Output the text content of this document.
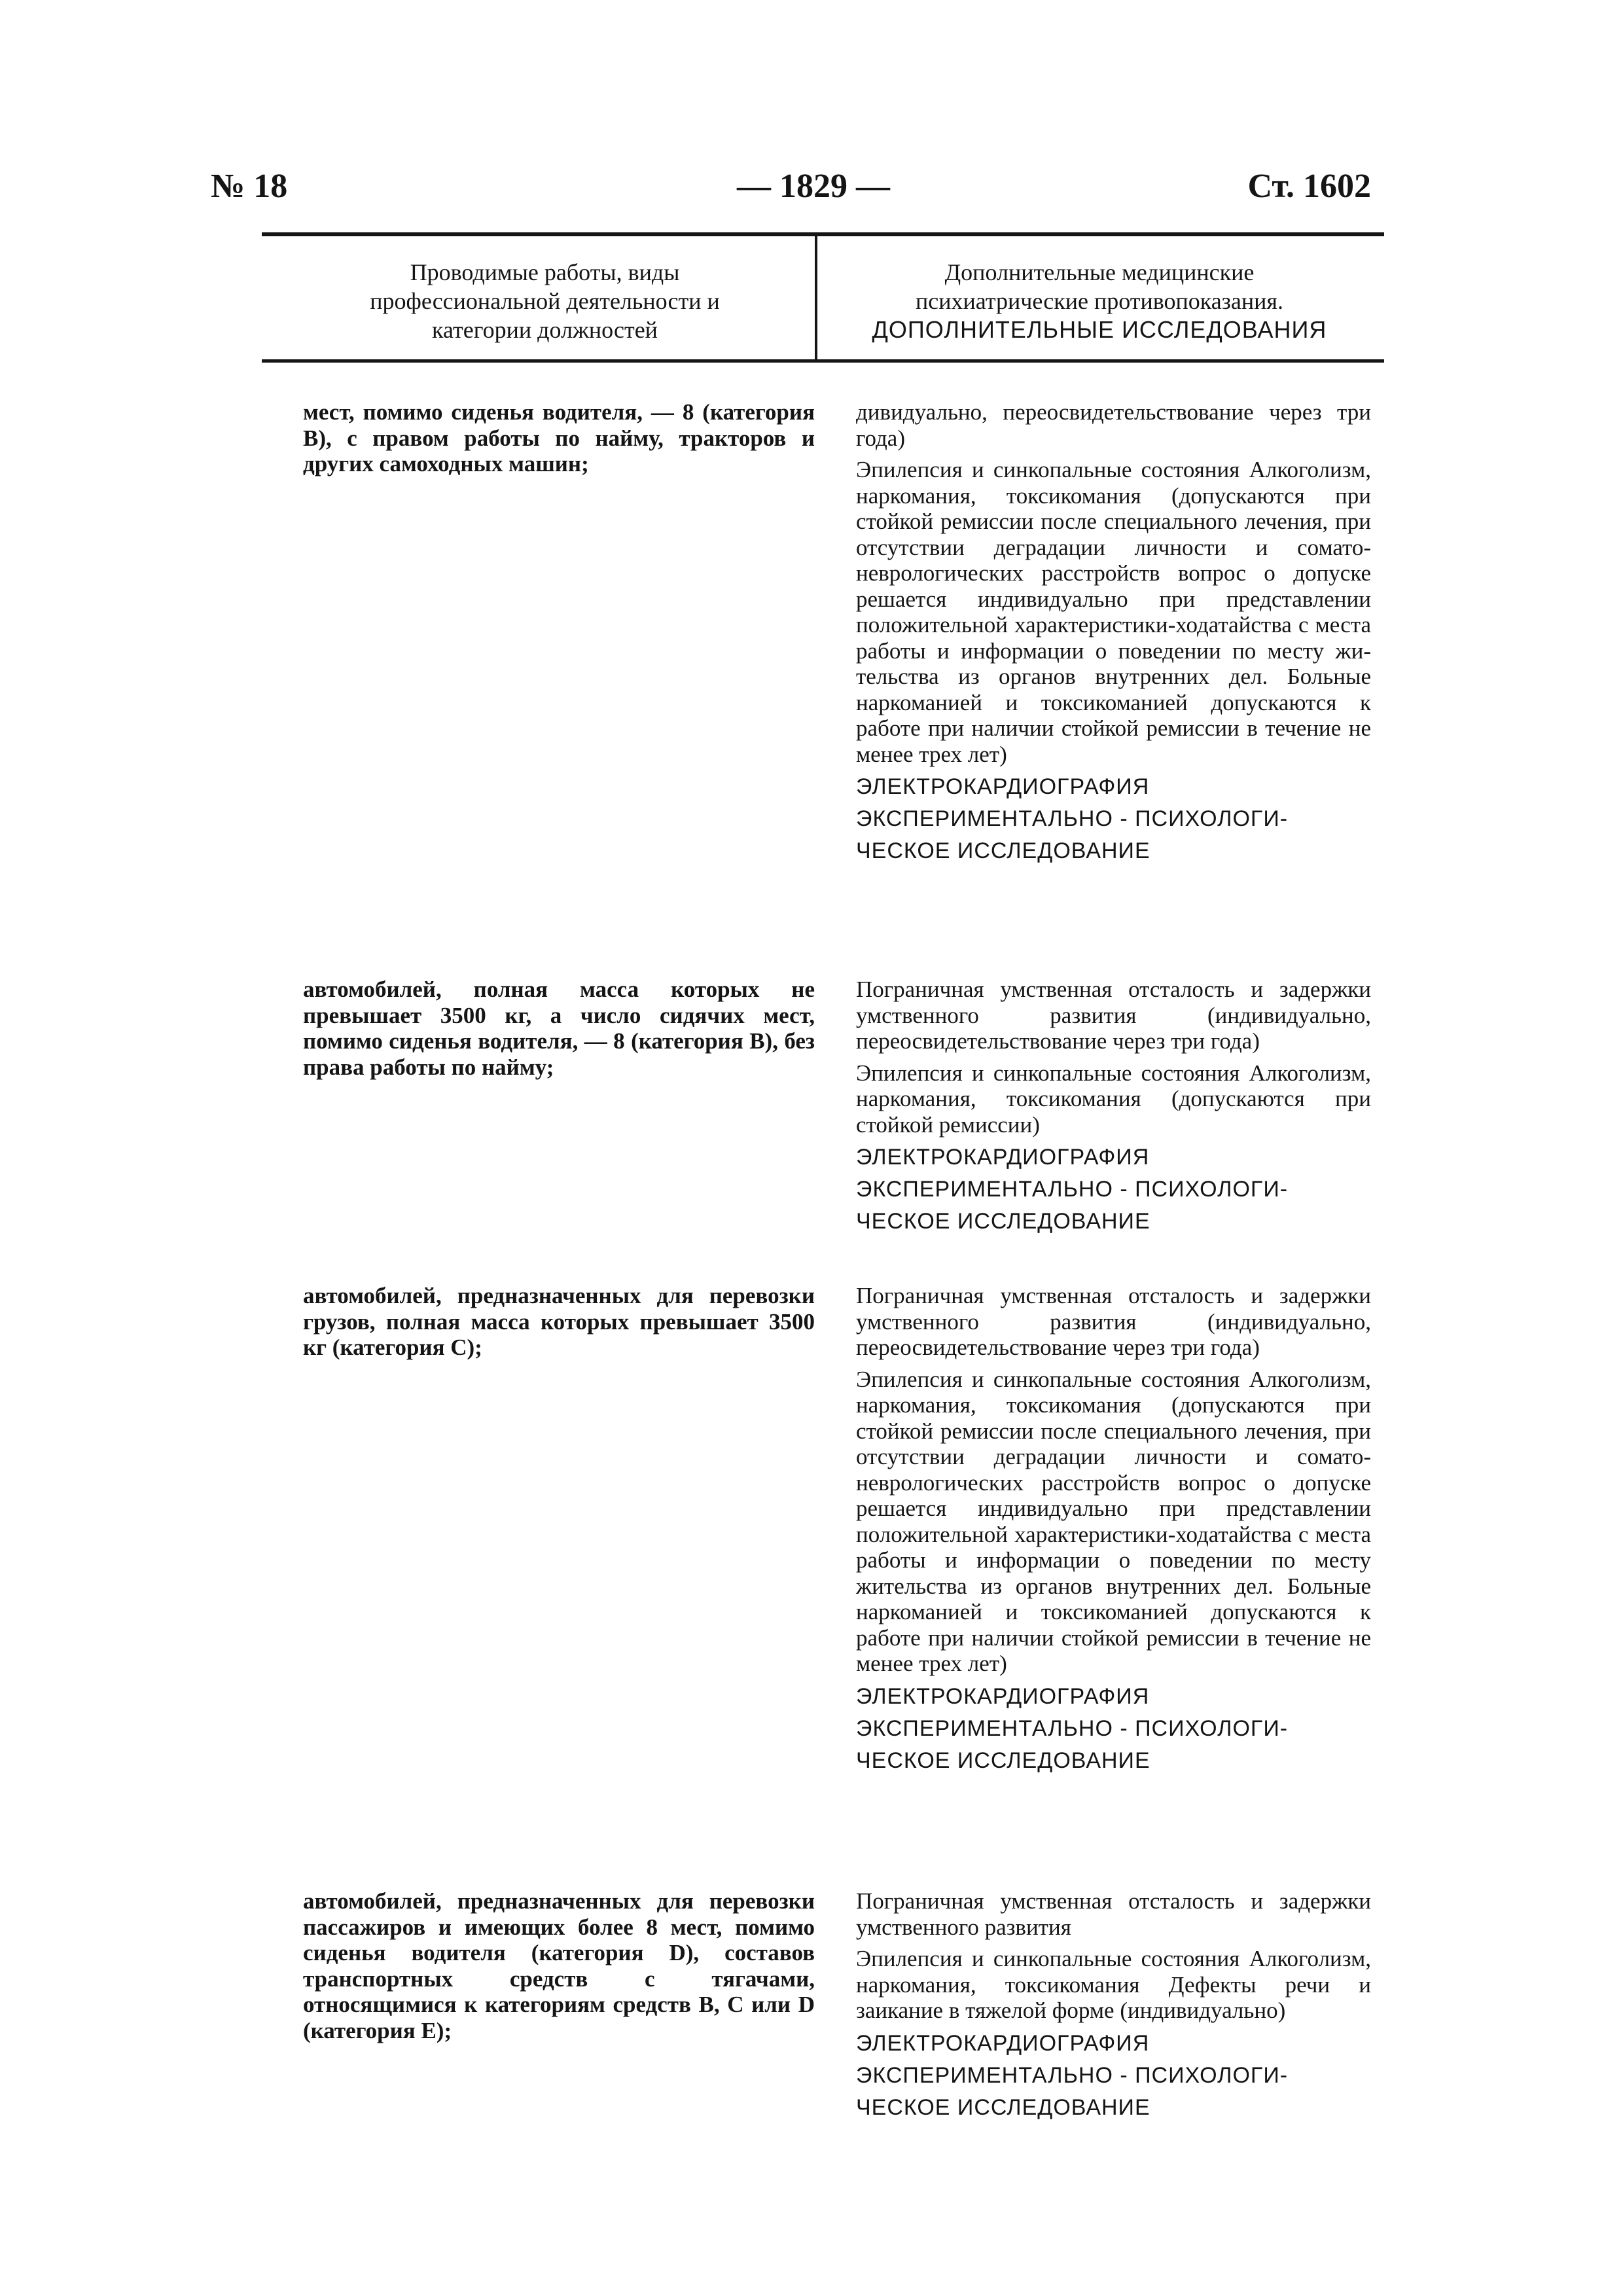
№ 18	— 1829 —	Ст. 1602
Проводимые работы, виды
профессиональной деятельности и
категории должностей
Дополнительные медицинские
психиатрические противопоказания.
ДОПОЛНИТЕЛЬНЫЕ ИССЛЕДОВАНИЯ
мест, помимо сиденья водителя, — 8 (категория В), с правом работы по найму, тракторов и других самоходных машин;
дивидуально, переосвидетельствование через три года)
Эпилепсия и синкопальные состояния Алкоголизм, наркомания, токсикомания (допускаются при стойкой ремиссии после специального лечения, при отсутствии деградации личности и соматоневрологических расстройств вопрос о допуске решается индивидуально при представлении положительной характеристики-ходатайства с места работы и информации о поведении по месту жительства из органов внутренних дел. Больные наркоманией и токсикоманией допускаются к работе при наличии стойкой ремиссии в течение не менее трех лет)
ЭЛЕКТРОКАРДИОГРАФИЯ
ЭКСПЕРИМЕНТАЛЬНО - ПСИХОЛОГИ-
ЧЕСКОЕ ИССЛЕДОВАНИЕ
автомобилей, полная масса которых не превышает 3500 кг, а число сидячих мест, помимо сиденья водителя, — 8 (категория В), без права работы по найму;
Пограничная умственная отсталость и задержки умственного развития (индивидуально, переосвидетельствование через три года)
Эпилепсия и синкопальные состояния Алкоголизм, наркомания, токсикомания (допускаются при стойкой ремиссии)
ЭЛЕКТРОКАРДИОГРАФИЯ
ЭКСПЕРИМЕНТАЛЬНО - ПСИХОЛОГИ-
ЧЕСКОЕ ИССЛЕДОВАНИЕ
автомобилей, предназначенных для перевозки грузов, полная масса которых превышает 3500 кг (категория С);
Пограничная умственная отсталость и задержки умственного развития (индивидуально, переосвидетельствование через три года)
Эпилепсия и синкопальные состояния Алкоголизм, наркомания, токсикомания (допускаются при стойкой ремиссии после специального лечения, при отсутствии деградации личности и соматоневрологических расстройств вопрос о допуске решается индивидуально при представлении положительной характеристики-ходатайства с места работы и информации о поведении по месту жительства из органов внутренних дел. Больные наркоманией и токсикоманией допускаются к работе при наличии стойкой ремиссии в течение не менее трех лет)
ЭЛЕКТРОКАРДИОГРАФИЯ
ЭКСПЕРИМЕНТАЛЬНО - ПСИХОЛОГИ-
ЧЕСКОЕ ИССЛЕДОВАНИЕ
автомобилей, предназначенных для перевозки пассажиров и имеющих более 8 мест, помимо сиденья водителя (категория D), составов транспортных средств с тягачами, относящимися к категориям средств В, С или D (категория Е);
Пограничная умственная отсталость и задержки умственного развития
Эпилепсия и синкопальные состояния Алкоголизм, наркомания, токсикомания Дефекты речи и заикание в тяжелой форме (индивидуально)
ЭЛЕКТРОКАРДИОГРАФИЯ
ЭКСПЕРИМЕНТАЛЬНО - ПСИХОЛОГИ-
ЧЕСКОЕ ИССЛЕДОВАНИЕ
